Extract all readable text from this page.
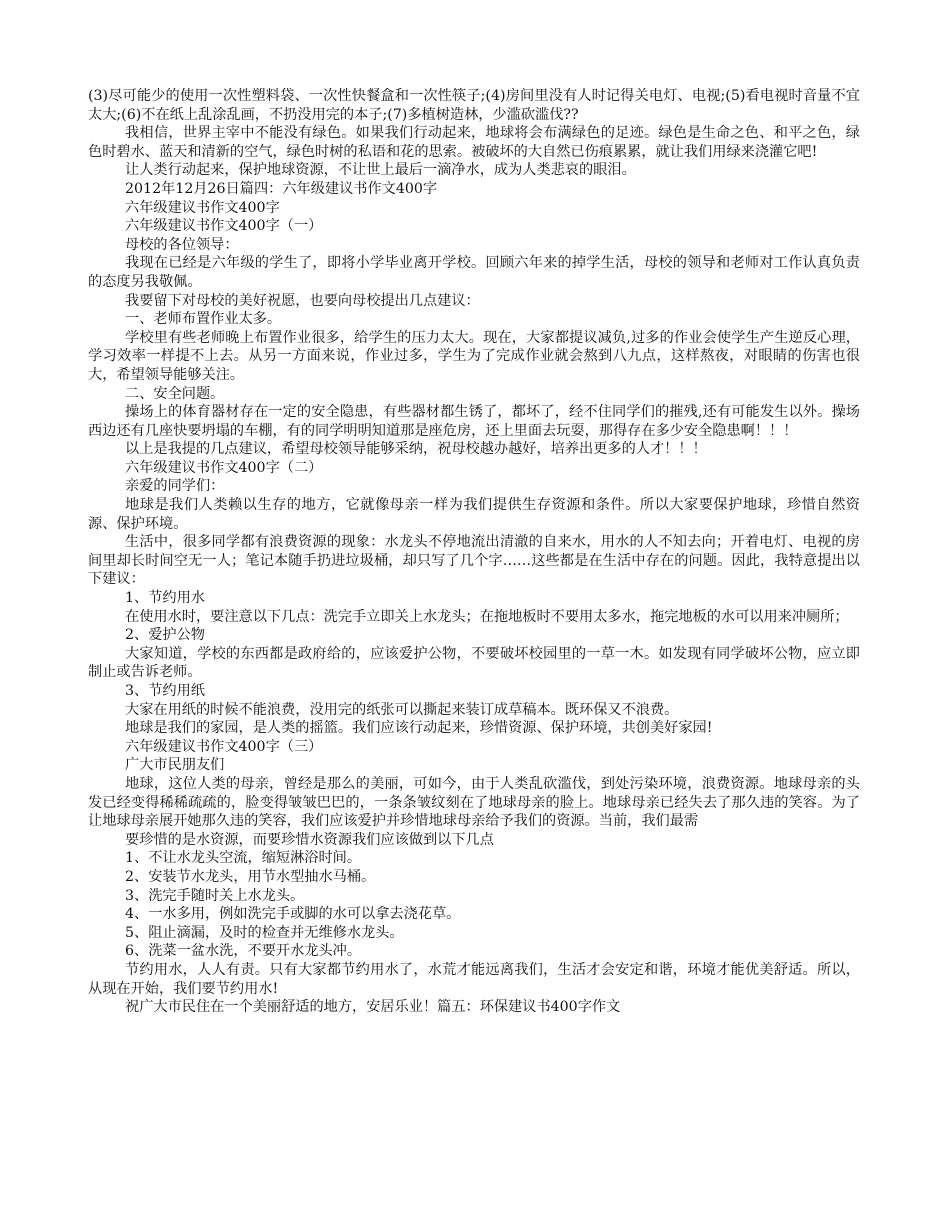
(3)尽可能少的使用一次性塑料袋、一次性快餐盒和一次性筷子;(4)房间里没有人时记得关电灯、电视;(5)看电视时音量不宜太大;(6)不在纸上乱涂乱画，不扔没用完的本子;(7)多植树造林，少滥砍滥伐??

我相信，世界主宰中不能没有绿色。如果我们行动起来，地球将会布满绿色的足迹。绿色是生命之色、和平之色，绿色时碧水、蓝天和清新的空气，绿色时树的私语和花的思索。被破坏的大自然已伤痕累累，就让我们用绿来浇灌它吧!

让人类行动起来，保护地球资源，不让世上最后一滴净水，成为人类悲哀的眼泪。

2012年12月26日篇四：六年级建议书作文400字

六年级建议书作文400字

六年级建议书作文400字（一）

母校的各位领导：

我现在已经是六年级的学生了，即将小学毕业离开学校。回顾六年来的掉学生活，母校的领导和老师对工作认真负责的态度另我敬佩。

我要留下对母校的美好祝愿，也要向母校提出几点建议：

一、老师布置作业太多。

学校里有些老师晚上布置作业很多，给学生的压力太大。现在，大家都提议减负,过多的作业会使学生产生逆反心理，学习效率一样提不上去。从另一方面来说，作业过多，学生为了完成作业就会熬到八九点，这样熬夜，对眼睛的伤害也很大，希望领导能够关注。

二、安全问题。

操场上的体育器材存在一定的安全隐患，有些器材都生锈了，都坏了，经不住同学们的摧残,还有可能发生以外。操场西边还有几座快要坍塌的车棚，有的同学明明知道那是座危房，还上里面去玩耍，那得存在多少安全隐患啊！！！

以上是我提的几点建议，希望母校领导能够采纳，祝母校越办越好，培养出更多的人才！！！

六年级建议书作文400字（二）

亲爱的同学们：

地球是我们人类赖以生存的地方，它就像母亲一样为我们提供生存资源和条件。所以大家要保护地球，珍惜自然资源、保护环境。

生活中，很多同学都有浪费资源的现象：水龙头不停地流出清澈的自来水，用水的人不知去向；开着电灯、电视的房间里却长时间空无一人；笔记本随手扔进垃圾桶，却只写了几个字……这些都是在生活中存在的问题。因此，我特意提出以下建议：

1、节约用水

在使用水时，要注意以下几点：洗完手立即关上水龙头；在拖地板时不要用太多水，拖完地板的水可以用来冲厕所；

2、爱护公物

大家知道，学校的东西都是政府给的，应该爱护公物，不要破坏校园里的一草一木。如发现有同学破坏公物，应立即制止或告诉老师。

3、节约用纸

大家在用纸的时候不能浪费，没用完的纸张可以撕起来装订成草稿本。既环保又不浪费。

地球是我们的家园，是人类的摇篮。我们应该行动起来，珍惜资源、保护环境，共创美好家园!

六年级建议书作文400字（三）

广大市民朋友们

地球，这位人类的母亲，曾经是那么的美丽，可如今，由于人类乱砍滥伐，到处污染环境，浪费资源。地球母亲的头发已经变得稀稀疏疏的，脸变得皱皱巴巴的，一条条皱纹刻在了地球母亲的脸上。地球母亲已经失去了那久违的笑容。为了让地球母亲展开她那久违的笑容，我们应该爱护并珍惜地球母亲给予我们的资源。当前，我们最需

要珍惜的是水资源，而要珍惜水资源我们应该做到以下几点

1、不让水龙头空流，缩短淋浴时间。

2、安装节水龙头，用节水型抽水马桶。

3、洗完手随时关上水龙头。

4、一水多用，例如洗完手或脚的水可以拿去浇花草。

5、阻止滴漏，及时的检查并无维修水龙头。

6、洗菜一盆水洗，不要开水龙头冲。

节约用水，人人有责。只有大家都节约用水了，水荒才能远离我们，生活才会安定和谐，环境才能优美舒适。所以，从现在开始，我们要节约用水!

祝广大市民住在一个美丽舒适的地方，安居乐业！篇五：环保建议书400字作文
